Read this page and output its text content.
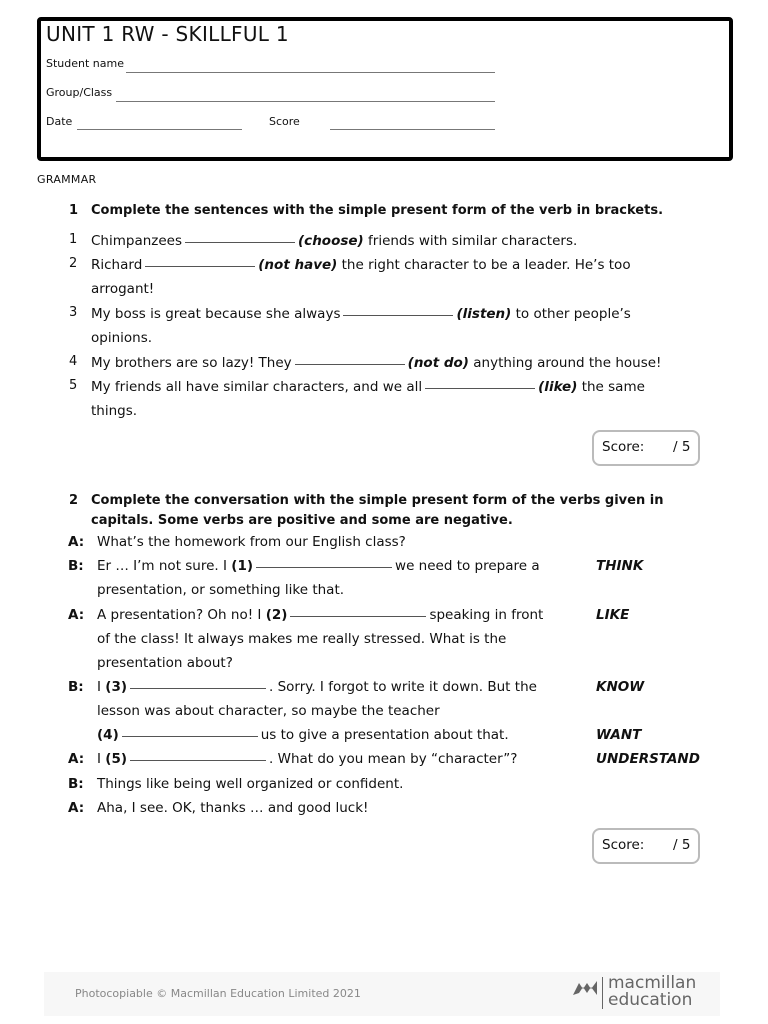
UNIT 1 RW - SKILLFUL 1
Student name
Group/Class
Date	Score
GRAMMAR
1 Complete the sentences with the simple present form of the verb in brackets.
1 Chimpanzees	(choose) friends with similar characters.
2 Richard	(not have) the right character to be a leader. He’s too
arrogant!
3 My boss is great because she always	(listen) to other people’s
opinions.
4 My brothers are so lazy! They	(not do) anything around the house!
5 My friends all have similar characters, and we all	(like) the same
things.
Score: / 5
2 Complete the conversation with the simple present form of the verbs given in
capitals. Some verbs are positive and some are negative.
A: What’s the homework from our English class?
B: Er … I’m not sure. I (1)	we need to prepare a	THINK
presentation, or something like that.
A: A presentation? Oh no! I (2)	speaking in front	LIKE
of the class! It always makes me really stressed. What is the
presentation about?
B: I (3)	. Sorry. I forgot to write it down. But the	KNOW
lesson was about character, so maybe the teacher
(4)	us to give a presentation about that.	WANT
A: I (5)	. What do you mean by “character”?	UNDERSTAND
B: Things like being well organized or confident.
A: Aha, I see. OK, thanks … and good luck!
Score: / 5
Photocopiable © Macmillan Education Limited 2021
macmillan
education
